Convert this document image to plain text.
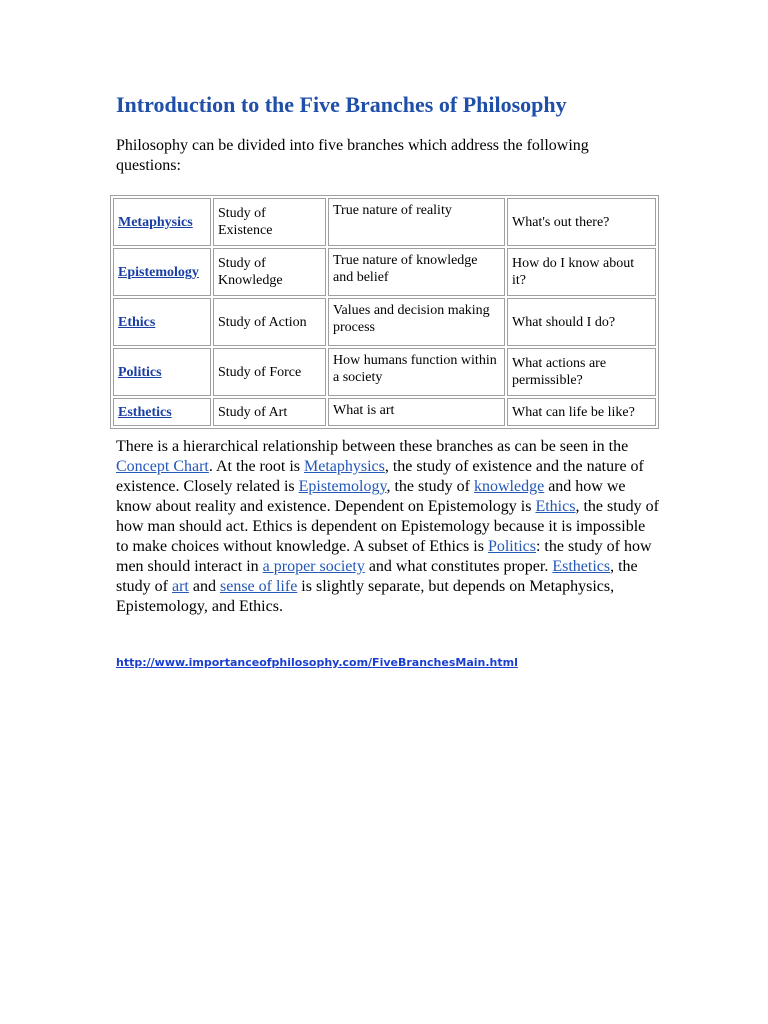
Introduction to the Five Branches of Philosophy

Philosophy can be divided into five branches which address the following questions:

Metaphysics	Study of Existence	True nature of reality	What's out there?
Epistemology	Study of Knowledge	True nature of knowledge and belief	How do I know about it?
Ethics	Study of Action	Values and decision making process	What should I do?
Politics	Study of Force	How humans function within a society	What actions are permissible?
Esthetics	Study of Art	What is art	What can life be like?

There is a hierarchical relationship between these branches as can be seen in the Concept Chart. At the root is Metaphysics, the study of existence and the nature of existence. Closely related is Epistemology, the study of knowledge and how we know about reality and existence. Dependent on Epistemology is Ethics, the study of how man should act. Ethics is dependent on Epistemology because it is impossible to make choices without knowledge. A subset of Ethics is Politics: the study of how men should interact in a proper society and what constitutes proper. Esthetics, the study of art and sense of life is slightly separate, but depends on Metaphysics, Epistemology, and Ethics.

http://www.importanceofphilosophy.com/FiveBranchesMain.html
